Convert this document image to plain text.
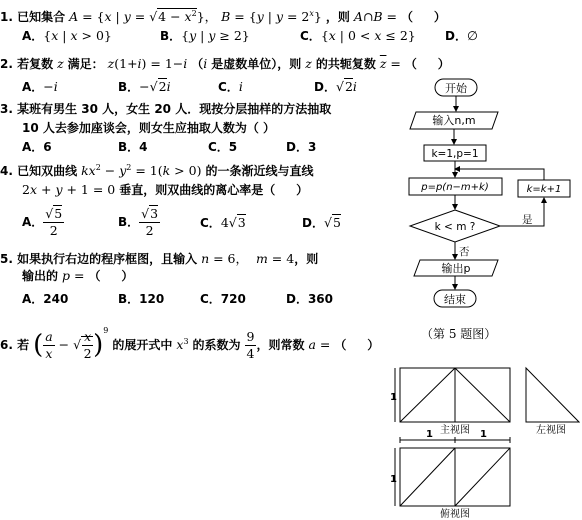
1. 已知集合 A = {x | $y = √4 - x^2$}， B = {y | $y = 2^x$} ，则 A∩B = （     ）
A．{x | x > 0}	B．{y | y ≥ 2}	C．{x | 0 < x ≤ 2} D．∅
2. 若复数 z 满足： z(1+i) = 1−i （i 是虚数单位），则 z 的共轭复数 $\overline{z}$ = （     ）
A．−i	B．−√2i	C．i	D．√2i
3. 某班有男生 30 人，女生 20 人．现按分层抽样的方法抽取
10 人去参加座谈会，则女生应抽取人数为（ ）
A．6	B．4	C．5	D．3
4. 已知双曲线 $kx^2 - y^2 = 1(k > 0)$ 的一条渐近线与直线
2x + y + 1 = 0 垂直，则双曲线的离心率是（     ）
A． $\frac{√5}{2}$	B． $\frac{√3}{2}$	C．4√3	D．√5
5. 如果执行右边的程序框图，且输入 n = 6，  m = 4，则
输出的 p = （     ）
A．240	B．120	C．720	D．360
6. 若 ( $\frac{a}{x}$ − √ $\frac{x}{2} )^9$ 的展开式中 $x^3$ 的系数为 $\frac{9}{4}$ ，则常数 a = （     ）
（第 5 题图）
开始
输入n,m
k=1,p=1
p=p(n−m+k)
k < m ?
是
k=k+1
否
输出p
结束
1
主视图	左视图
1	1
1
俯视图
